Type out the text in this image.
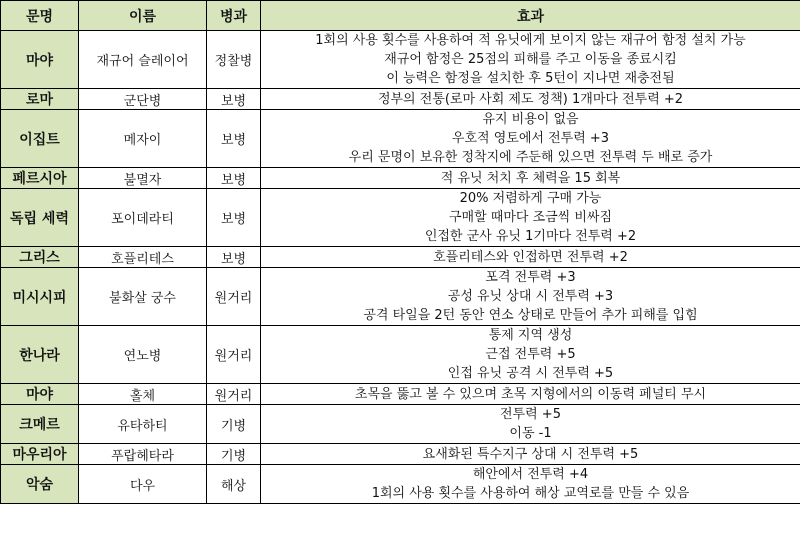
문명	이름	병과	효과
마야	재규어 슬레이어	정찰병	1회의 사용 횟수를 사용하여 적 유닛에게 보이지 않는 재규어 함정 설치 가능
재규어 함정은 25점의 피해를 주고 이동을 종료시킴
이 능력은 함정을 설치한 후 5턴이 지나면 재충전됨

로마	군단병	보병	정부의 전통(로마 사회 제도 정책) 1개마다 전투력 +2

이집트	메자이	보병	유지 비용이 없음
우호적 영토에서 전투력 +3
우리 문명이 보유한 정착지에 주둔해 있으면 전투력 두 배로 증가

페르시아	불멸자	보병	적 유닛 처치 후 체력을 15 회복

독립 세력	포이데라티	보병	20% 저렴하게 구매 가능
구매할 때마다 조금씩 비싸짐
인접한 군사 유닛 1기마다 전투력 +2

그리스	호플리테스	보병	호플리테스와 인접하면 전투력 +2

미시시피	불화살 궁수	원거리	포격 전투력 +3
공성 유닛 상대 시 전투력 +3
공격 타일을 2턴 동안 연소 상태로 만들어 추가 피해를 입힘

한나라	연노병	원거리	통제 지역 생성
근접 전투력 +5
인접 유닛 공격 시 전투력 +5

마야	홀체	원거리	초목을 뚫고 볼 수 있으며 초목 지형에서의 이동력 페널티 무시

크메르	유타하티	기병	전투력 +5
이동 -1

마우리아	푸랍헤타라	기병	요새화된 특수지구 상대 시 전투력 +5

악숨	다우	해상	해안에서 전투력 +4
1회의 사용 횟수를 사용하여 해상 교역로를 만들 수 있음
